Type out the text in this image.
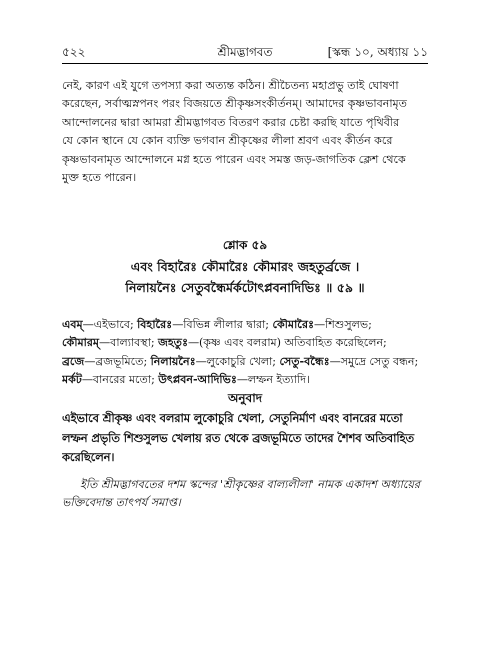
৫২২	শ্রীমদ্ভাগবত	[স্কন্ধ ১০, অধ্যায় ১১
নেই, কারণ এই যুগে তপস্যা করা অত্যন্ত কঠিন। শ্রীচৈতন্য মহাপ্রভু তাই ঘোষণা
করেছেন, সর্বাত্মস্নপনং পরং বিজয়তে শ্রীকৃষ্ণসংকীর্তনম্। আমাদের কৃষ্ণভাবনামৃত
আন্দোলনের দ্বারা আমরা শ্রীমদ্ভাগবত বিতরণ করার চেষ্টা করছি যাতে পৃথিবীর
যে কোন স্থানে যে কোন ব্যক্তি ভগবান শ্রীকৃষ্ণের লীলা শ্রবণ এবং কীর্তন করে
কৃষ্ণভাবনামৃত আন্দোলনে মগ্ন হতে পারেন এবং সমস্ত জড়-জাগতিক ক্লেশ থেকে
মুক্ত হতে পারেন।
শ্লোক ৫৯
এবং বিহারৈঃ কৌমারৈঃ কৌমারং জহতুর্ব্রজে ।
নিলায়নৈঃ সেতুবন্ধৈর্মর্কটোৎপ্লবনাদিভিঃ ॥ ৫৯ ॥
এবম্—এইভাবে; বিহারৈঃ—বিভিন্ন লীলার দ্বারা; কৌমারৈঃ—শিশুসুলভ;
কৌমারম্—বাল্যাবস্থা; জহতুঃ—(কৃষ্ণ এবং বলরাম) অতিবাহিত করেছিলেন;
ব্রজে—ব্রজভূমিতে; নিলায়নৈঃ—লুকোচুরি খেলা; সেতু-বন্ধৈঃ—সমুদ্রে সেতু বন্ধন;
মর্কট—বানরের মতো; উৎপ্লবন-আদিভিঃ—লম্ফন ইত্যাদি।
অনুবাদ
এইভাবে শ্রীকৃষ্ণ এবং বলরাম লুকোচুরি খেলা, সেতুনির্মাণ এবং বানরের মতো
লম্ফন প্রভৃতি শিশুসুলভ খেলায় রত থেকে ব্রজভূমিতে তাদের শৈশব অতিবাহিত
করেছিলেন।
ইতি শ্রীমদ্ভাগবতের দশম স্কন্দের 'শ্রীকৃষ্ণের বাল্যলীলা' নামক একাদশ অধ্যায়ের
ভক্তিবেদান্ত তাৎপর্য সমাপ্ত।
